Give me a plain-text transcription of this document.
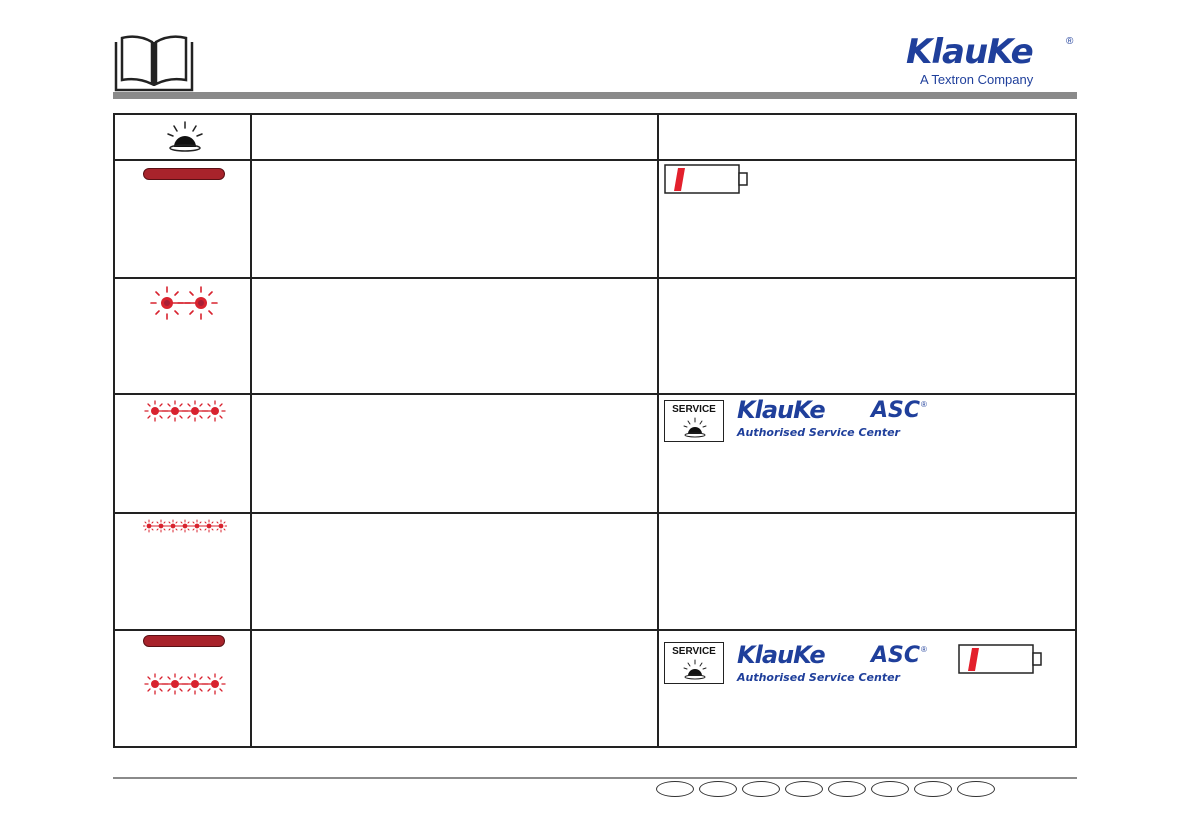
KlauKe	®
A Textron Company
SERVICE KlauKe ASC ®
Authorised Service Center
SERVICE KlauKe ASC ®
Authorised Service Center
